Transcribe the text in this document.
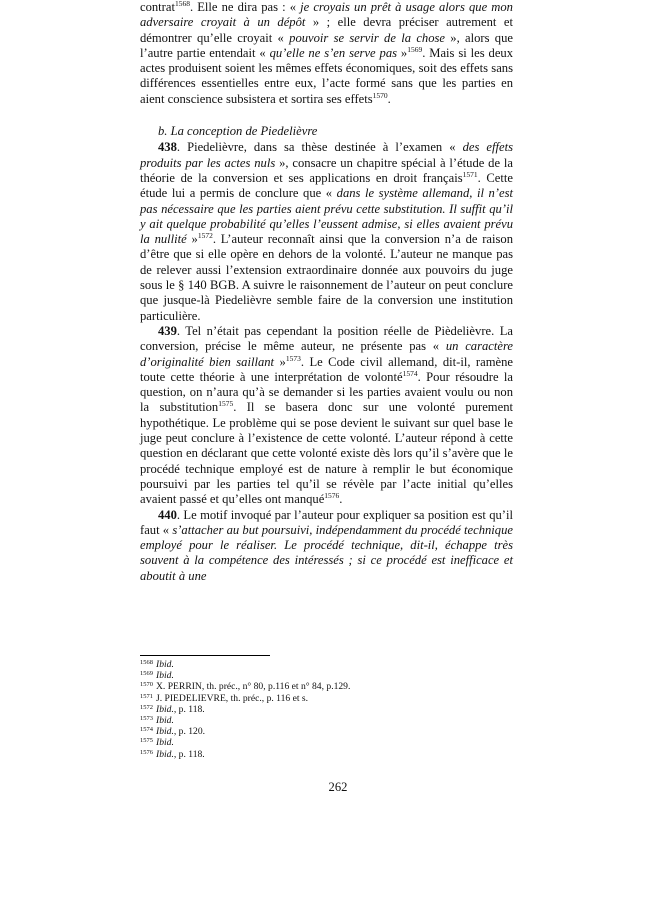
contrat$^{1568}$. Elle ne dira pas : « je croyais un prêt à usage alors que mon adversaire croyait à un dépôt » ; elle devra préciser autrement et démontrer qu’elle croyait « pouvoir se servir de la chose », alors que l’autre partie entendait « qu’elle ne s’en serve pas »$^{1569}$. Mais si les deux actes produisent soient les mêmes effets économiques, soit des effets sans différences essentielles entre eux, l’acte formé sans que les parties en aient conscience subsistera et sortira ses effets$^{1570}$.

b. La conception de Piedelièvre

438. Piedelièvre, dans sa thèse destinée à l’examen « des effets produits par les actes nuls », consacre un chapitre spécial à l’étude de la théorie de la conversion et ses applications en droit français$^{1571}$. Cette étude lui a permis de conclure que « dans le système allemand, il n’est pas nécessaire que les parties aient prévu cette substitution. Il suffit qu’il y ait quelque probabilité qu’elles l’eussent admise, si elles avaient prévu la nullité »$^{1572}$. L’auteur reconnaît ainsi que la conversion n’a de raison d’être que si elle opère en dehors de la volonté. L’auteur ne manque pas de relever aussi l’extension extraordinaire donnée aux pouvoirs du juge sous le § 140 BGB. A suivre le raisonnement de l’auteur on peut conclure que jusque-là Piedelièvre semble faire de la conversion une institution particulière.

439. Tel n’était pas cependant la position réelle de Pièdelièvre. La conversion, précise le même auteur, ne présente pas « un caractère d’originalité bien saillant »$^{1573}$. Le Code civil allemand, dit-il, ramène toute cette théorie à une interprétation de volonté$^{1574}$. Pour résoudre la question, on n’aura qu’à se demander si les parties avaient voulu ou non la substitution$^{1575}$. Il se basera donc sur une volonté purement hypothétique. Le problème qui se pose devient le suivant sur quel base le juge peut conclure à l’existence de cette volonté. L’auteur répond à cette question en déclarant que cette volonté existe dès lors qu’il s’avère que le procédé technique employé est de nature à remplir le but économique poursuivi par les parties tel qu’il se révèle par l’acte initial qu’elles avaient passé et qu’elles ont manqué$^{1576}$.

440. Le motif invoqué par l’auteur pour expliquer sa position est qu’il faut « s’attacher au but poursuivi, indépendamment du procédé technique employé pour le réaliser. Le procédé technique, dit-il, échappe très souvent à la compétence des intéressés ; si ce procédé est inefficace et aboutit à une

$^{1568}$ Ibid.
$^{1569}$ Ibid.
$^{1570}$ X. PERRIN, th. préc., n° 80, p.116 et n° 84, p.129.
$^{1571}$ J. PIEDELIEVRE, th. préc., p. 116 et s.
$^{1572}$ Ibid., p. 118.
$^{1573}$ Ibid.
$^{1574}$ Ibid., p. 120.
$^{1575}$ Ibid.
$^{1576}$ Ibid., p. 118.
262
